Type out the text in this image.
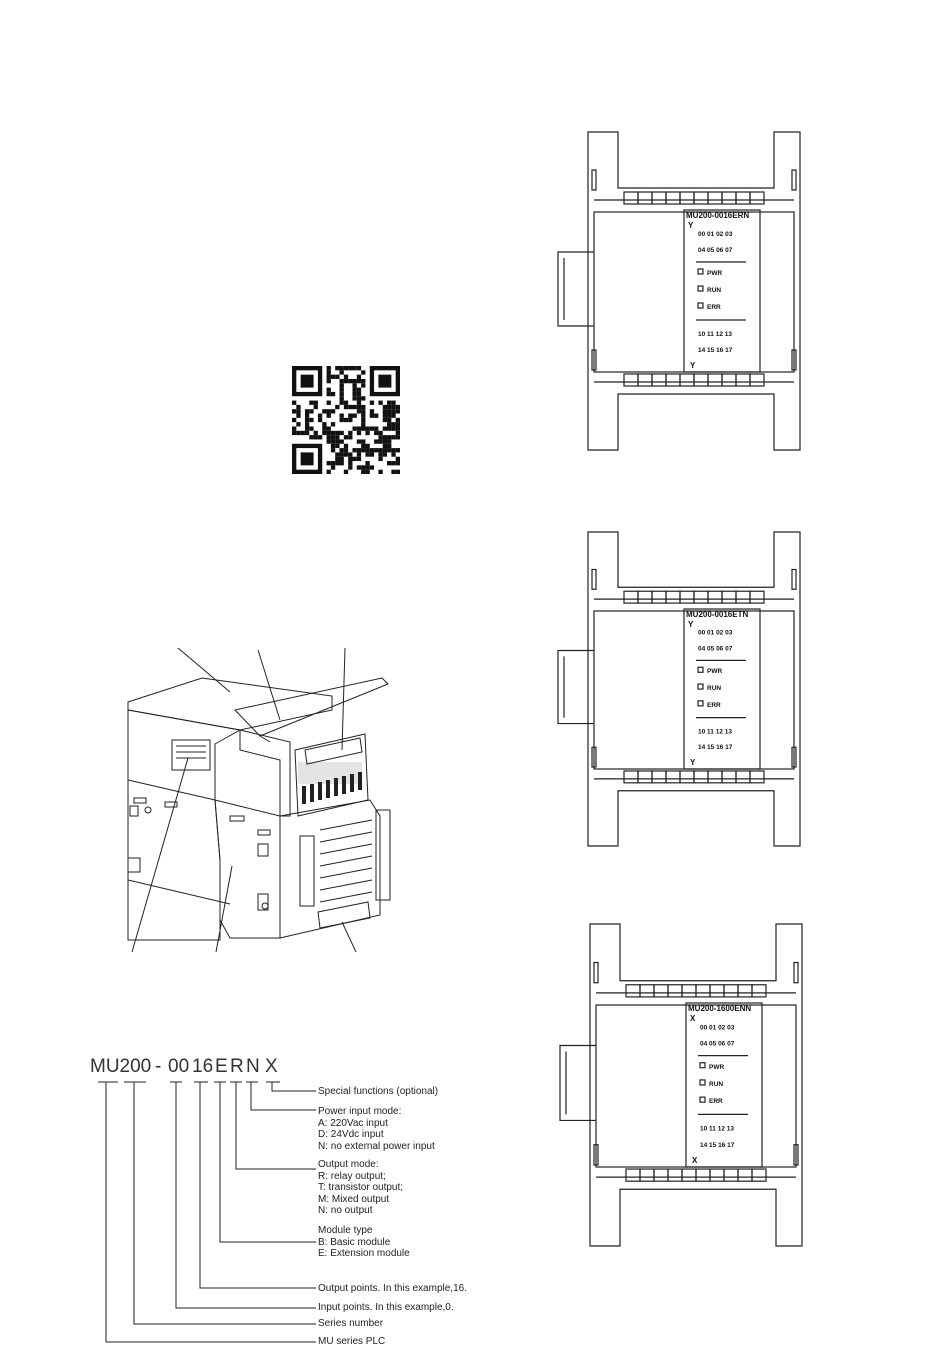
MU200-0016ERN
Y
00 01 02 03
04 05 06 07
PWR
RUN
ERR
10 11 12 13
14 15 16 17
Y
MU200-0016ETN
Y
00 01 02 03
04 05 06 07
PWR
RUN
ERR
10 11 12 13
14 15 16 17
Y
MU200-1600ENN
X
00 01 02 03
04 05 06 07
PWR
RUN
ERR
10 11 12 13
14 15 16 17
X
MU200 - 00 16 E R N X
Special functions (optional)
Power input mode:
A: 220Vac input
D: 24Vdc input
N: no external power input
Output mode:
R: relay output;
T: transistor output;
M: Mixed output
N: no output
Module type
B: Basic module
E: Extension module
Output points. In this example,16.
Input points. In this example,0.
Series number
MU series PLC
